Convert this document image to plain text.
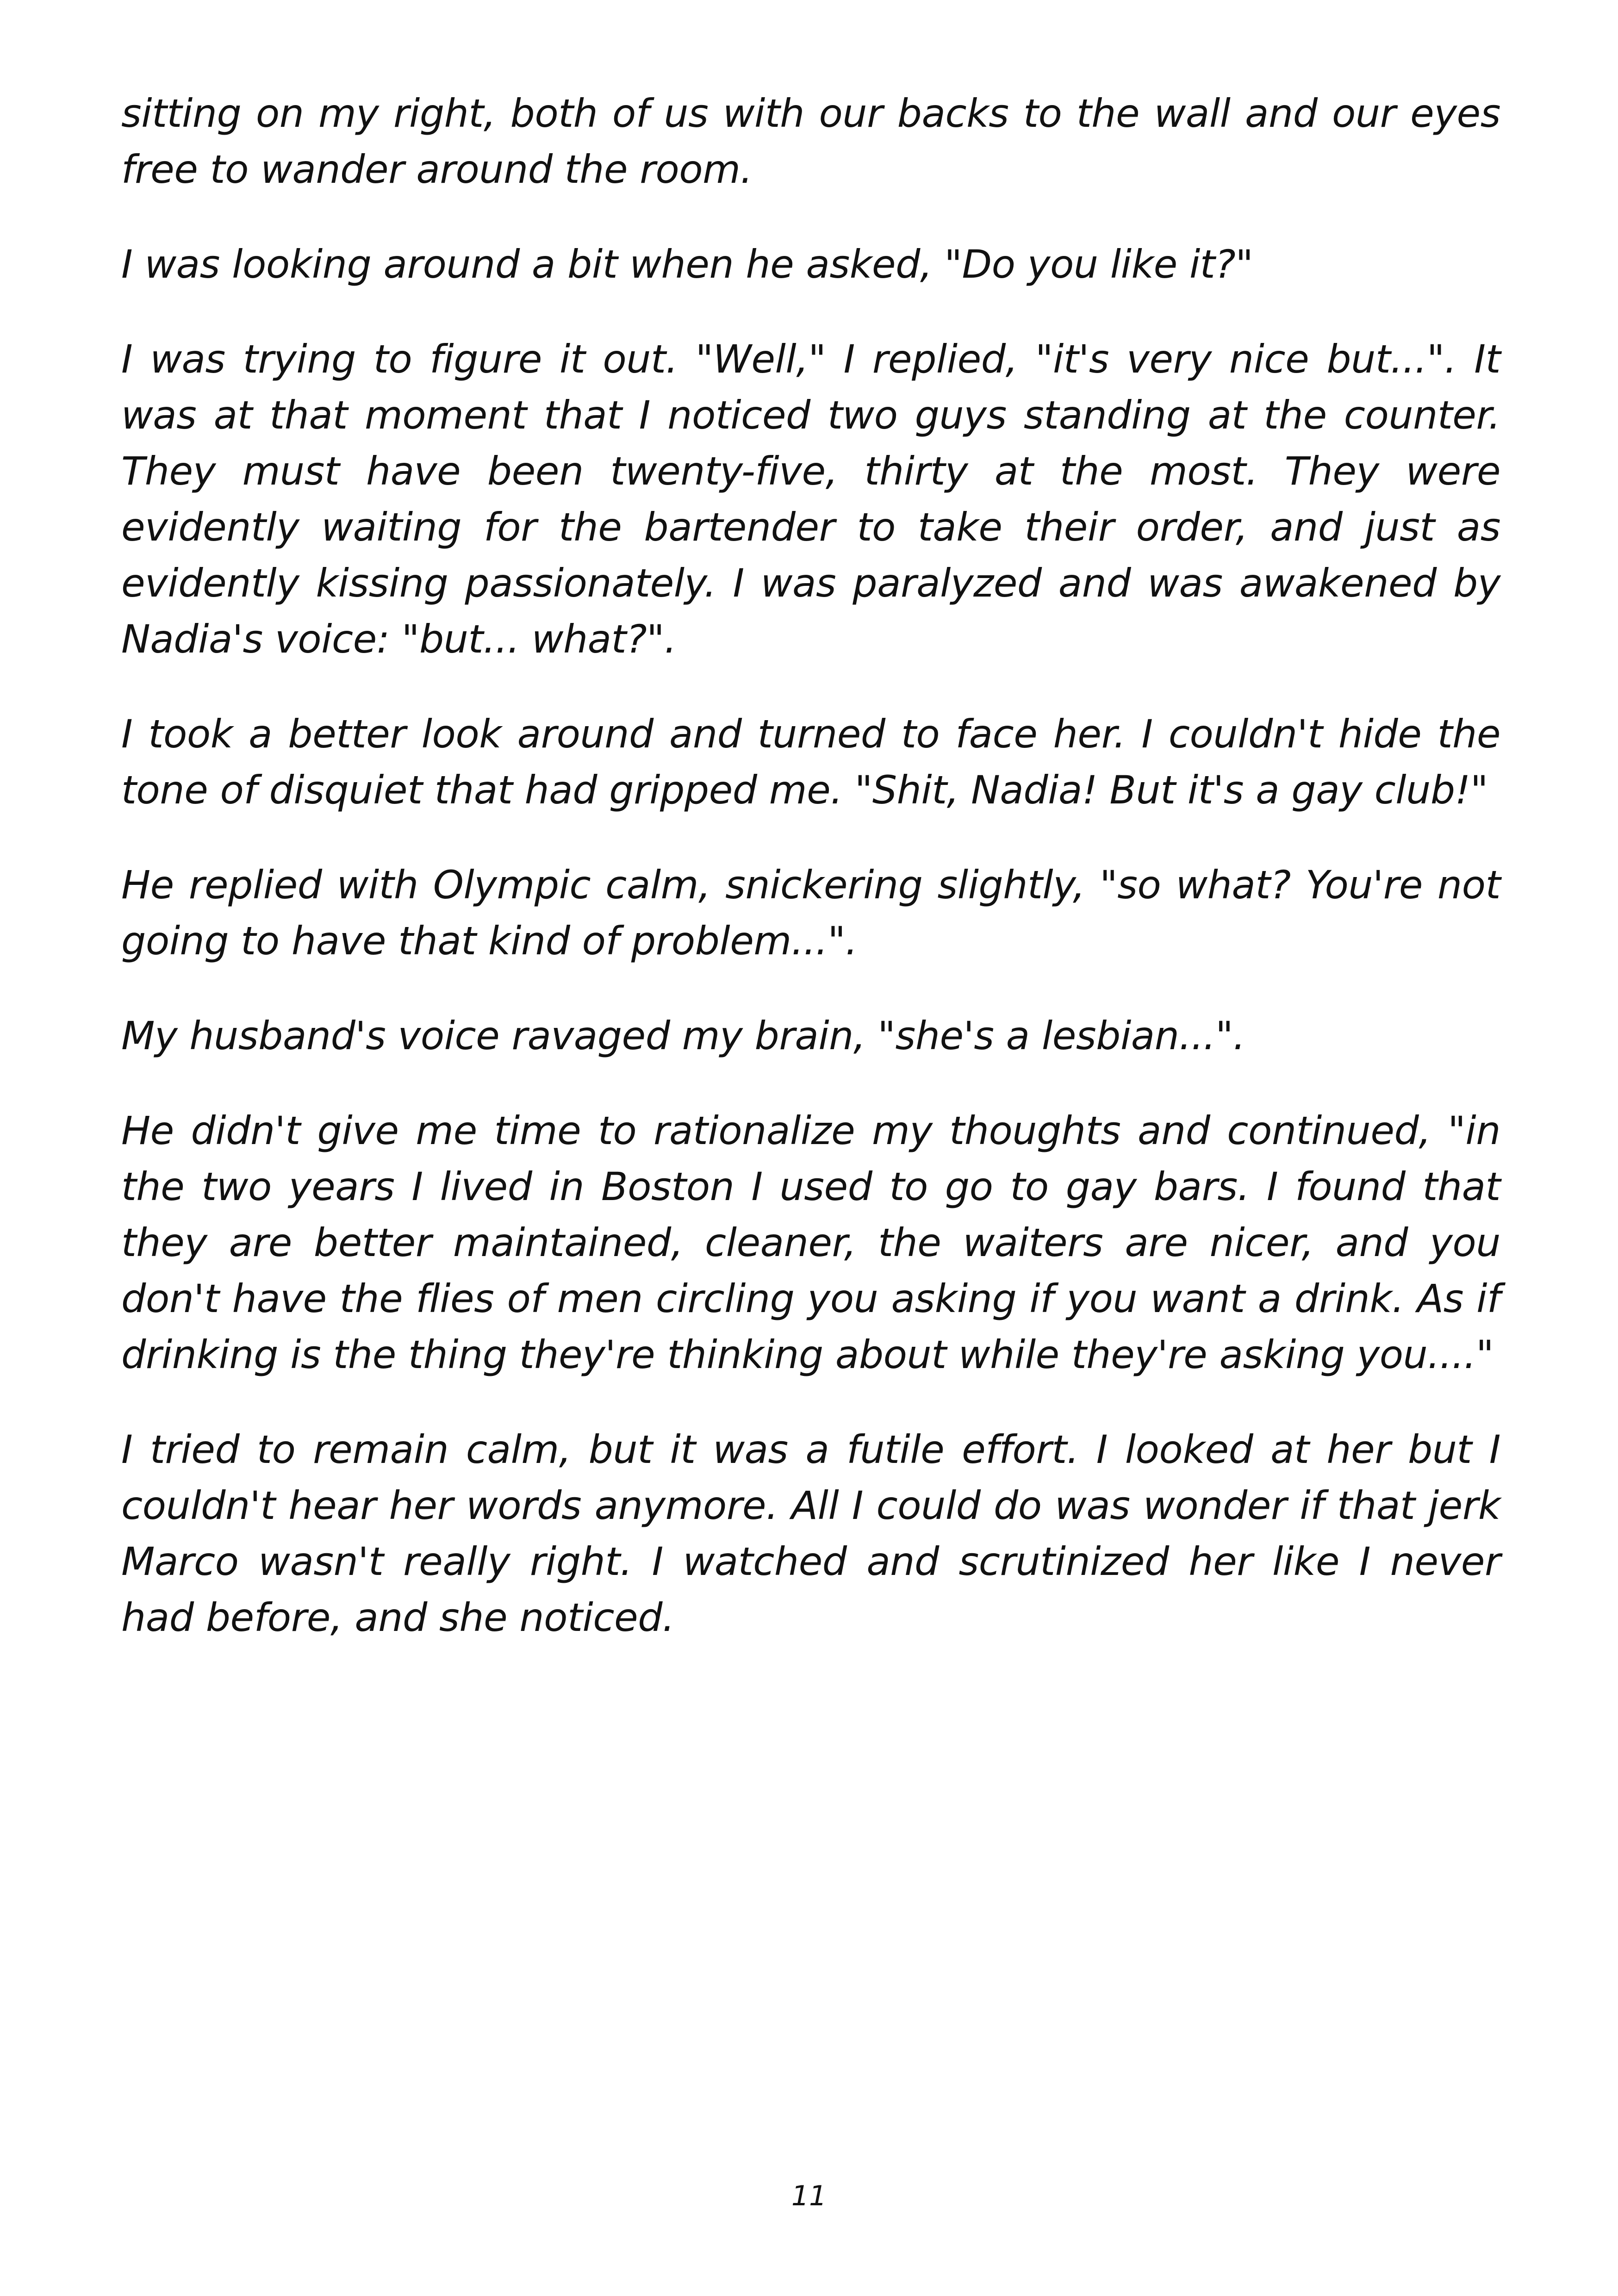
sitting on my right, both of us with our backs to the wall and our eyes free to wander around the room.

I was looking around a bit when he asked, "Do you like it?"

I was trying to figure it out. "Well," I replied, "it's very nice but...". It was at that moment that I noticed two guys standing at the counter. They must have been twenty-five, thirty at the most. They were evidently waiting for the bartender to take their order, and just as evidently kissing passionately. I was paralyzed and was awakened by Nadia's voice: "but... what?".

I took a better look around and turned to face her. I couldn't hide the tone of disquiet that had gripped me. "Shit, Nadia! But it's a gay club!"

He replied with Olympic calm, snickering slightly, "so what? You're not going to have that kind of problem...".

My husband's voice ravaged my brain, "she's a lesbian...".

He didn't give me time to rationalize my thoughts and continued, "in the two years I lived in Boston I used to go to gay bars. I found that they are better maintained, cleaner, the waiters are nicer, and you don't have the flies of men circling you asking if you want a drink. As if drinking is the thing they're thinking about while they're asking you...."

I tried to remain calm, but it was a futile effort. I looked at her but I couldn't hear her words anymore. All I could do was wonder if that jerk Marco wasn't really right. I watched and scrutinized her like I never had before, and she noticed.

11
